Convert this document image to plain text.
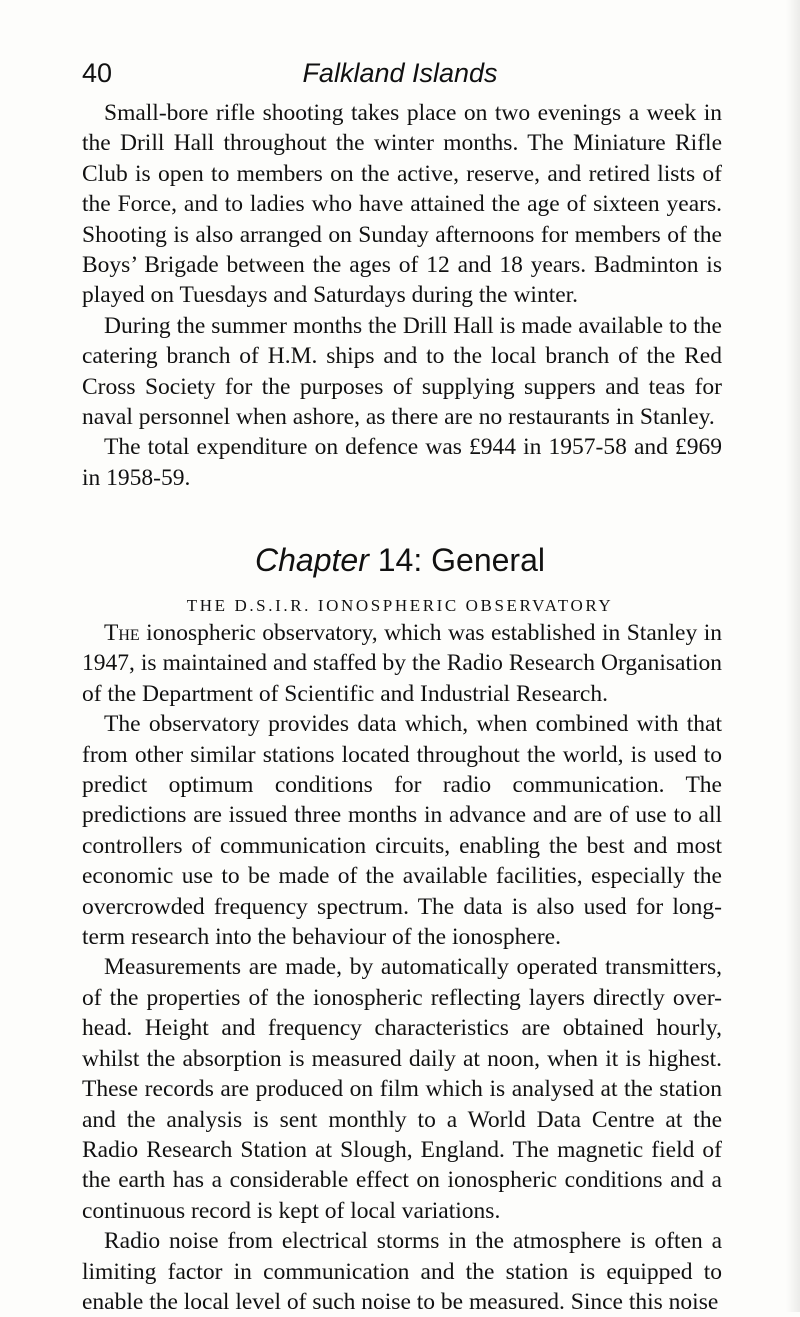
40	Falkland Islands

Small-bore rifle shooting takes place on two evenings a week in the Drill Hall throughout the winter months. The Miniature Rifle Club is open to members on the active, reserve, and retired lists of the Force, and to ladies who have attained the age of sixteen years. Shooting is also arranged on Sunday afternoons for members of the Boys’ Brigade between the ages of 12 and 18 years. Badminton is played on Tuesdays and Saturdays during the winter.

During the summer months the Drill Hall is made available to the catering branch of H.M. ships and to the local branch of the Red Cross Society for the purposes of supplying suppers and teas for naval personnel when ashore, as there are no restaurants in Stanley.

The total expenditure on defence was £944 in 1957-58 and £969 in 1958-59.

Chapter 14: General
THE D.S.I.R. IONOSPHERIC OBSERVATORY

The ionospheric observatory, which was established in Stanley in 1947, is maintained and staffed by the Radio Research Organisation of the Department of Scientific and Industrial Research.

The observatory provides data which, when combined with that from other similar stations located throughout the world, is used to predict optimum conditions for radio communication. The predictions are issued three months in advance and are of use to all controllers of communication circuits, enabling the best and most economic use to be made of the available facilities, especially the overcrowded frequency spectrum. The data is also used for long-term research into the behaviour of the ionosphere.

Measurements are made, by automatically operated transmitters, of the properties of the ionospheric reflecting layers directly over-head. Height and frequency characteristics are obtained hourly, whilst the absorption is measured daily at noon, when it is highest. These records are produced on film which is analysed at the station and the analysis is sent monthly to a World Data Centre at the Radio Research Station at Slough, England. The magnetic field of the earth has a considerable effect on ionospheric conditions and a continuous record is kept of local variations.

Radio noise from electrical storms in the atmosphere is often a limiting factor in communication and the station is equipped to enable the local level of such noise to be measured. Since this noise
